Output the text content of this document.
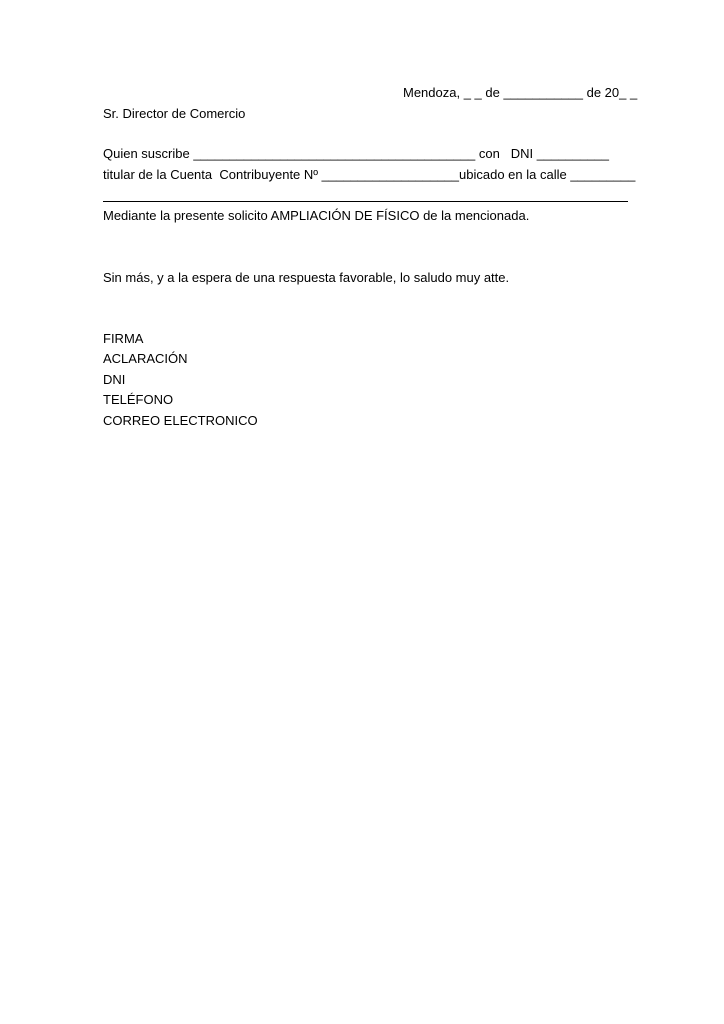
Mendoza, _ _ de ___________ de 20_ _
Sr. Director de Comercio
Quien suscribe _______________________________________ con   DNI __________
titular de la Cuenta  Contribuyente Nº ___________________ubicado en la calle _________
Mediante la presente solicito AMPLIACIÓN DE FÍSICO de la mencionada.
Sin más, y a la espera de una respuesta favorable, lo saludo muy atte.
FIRMA
ACLARACIÓN
DNI
TELÉFONO
CORREO ELECTRONICO
